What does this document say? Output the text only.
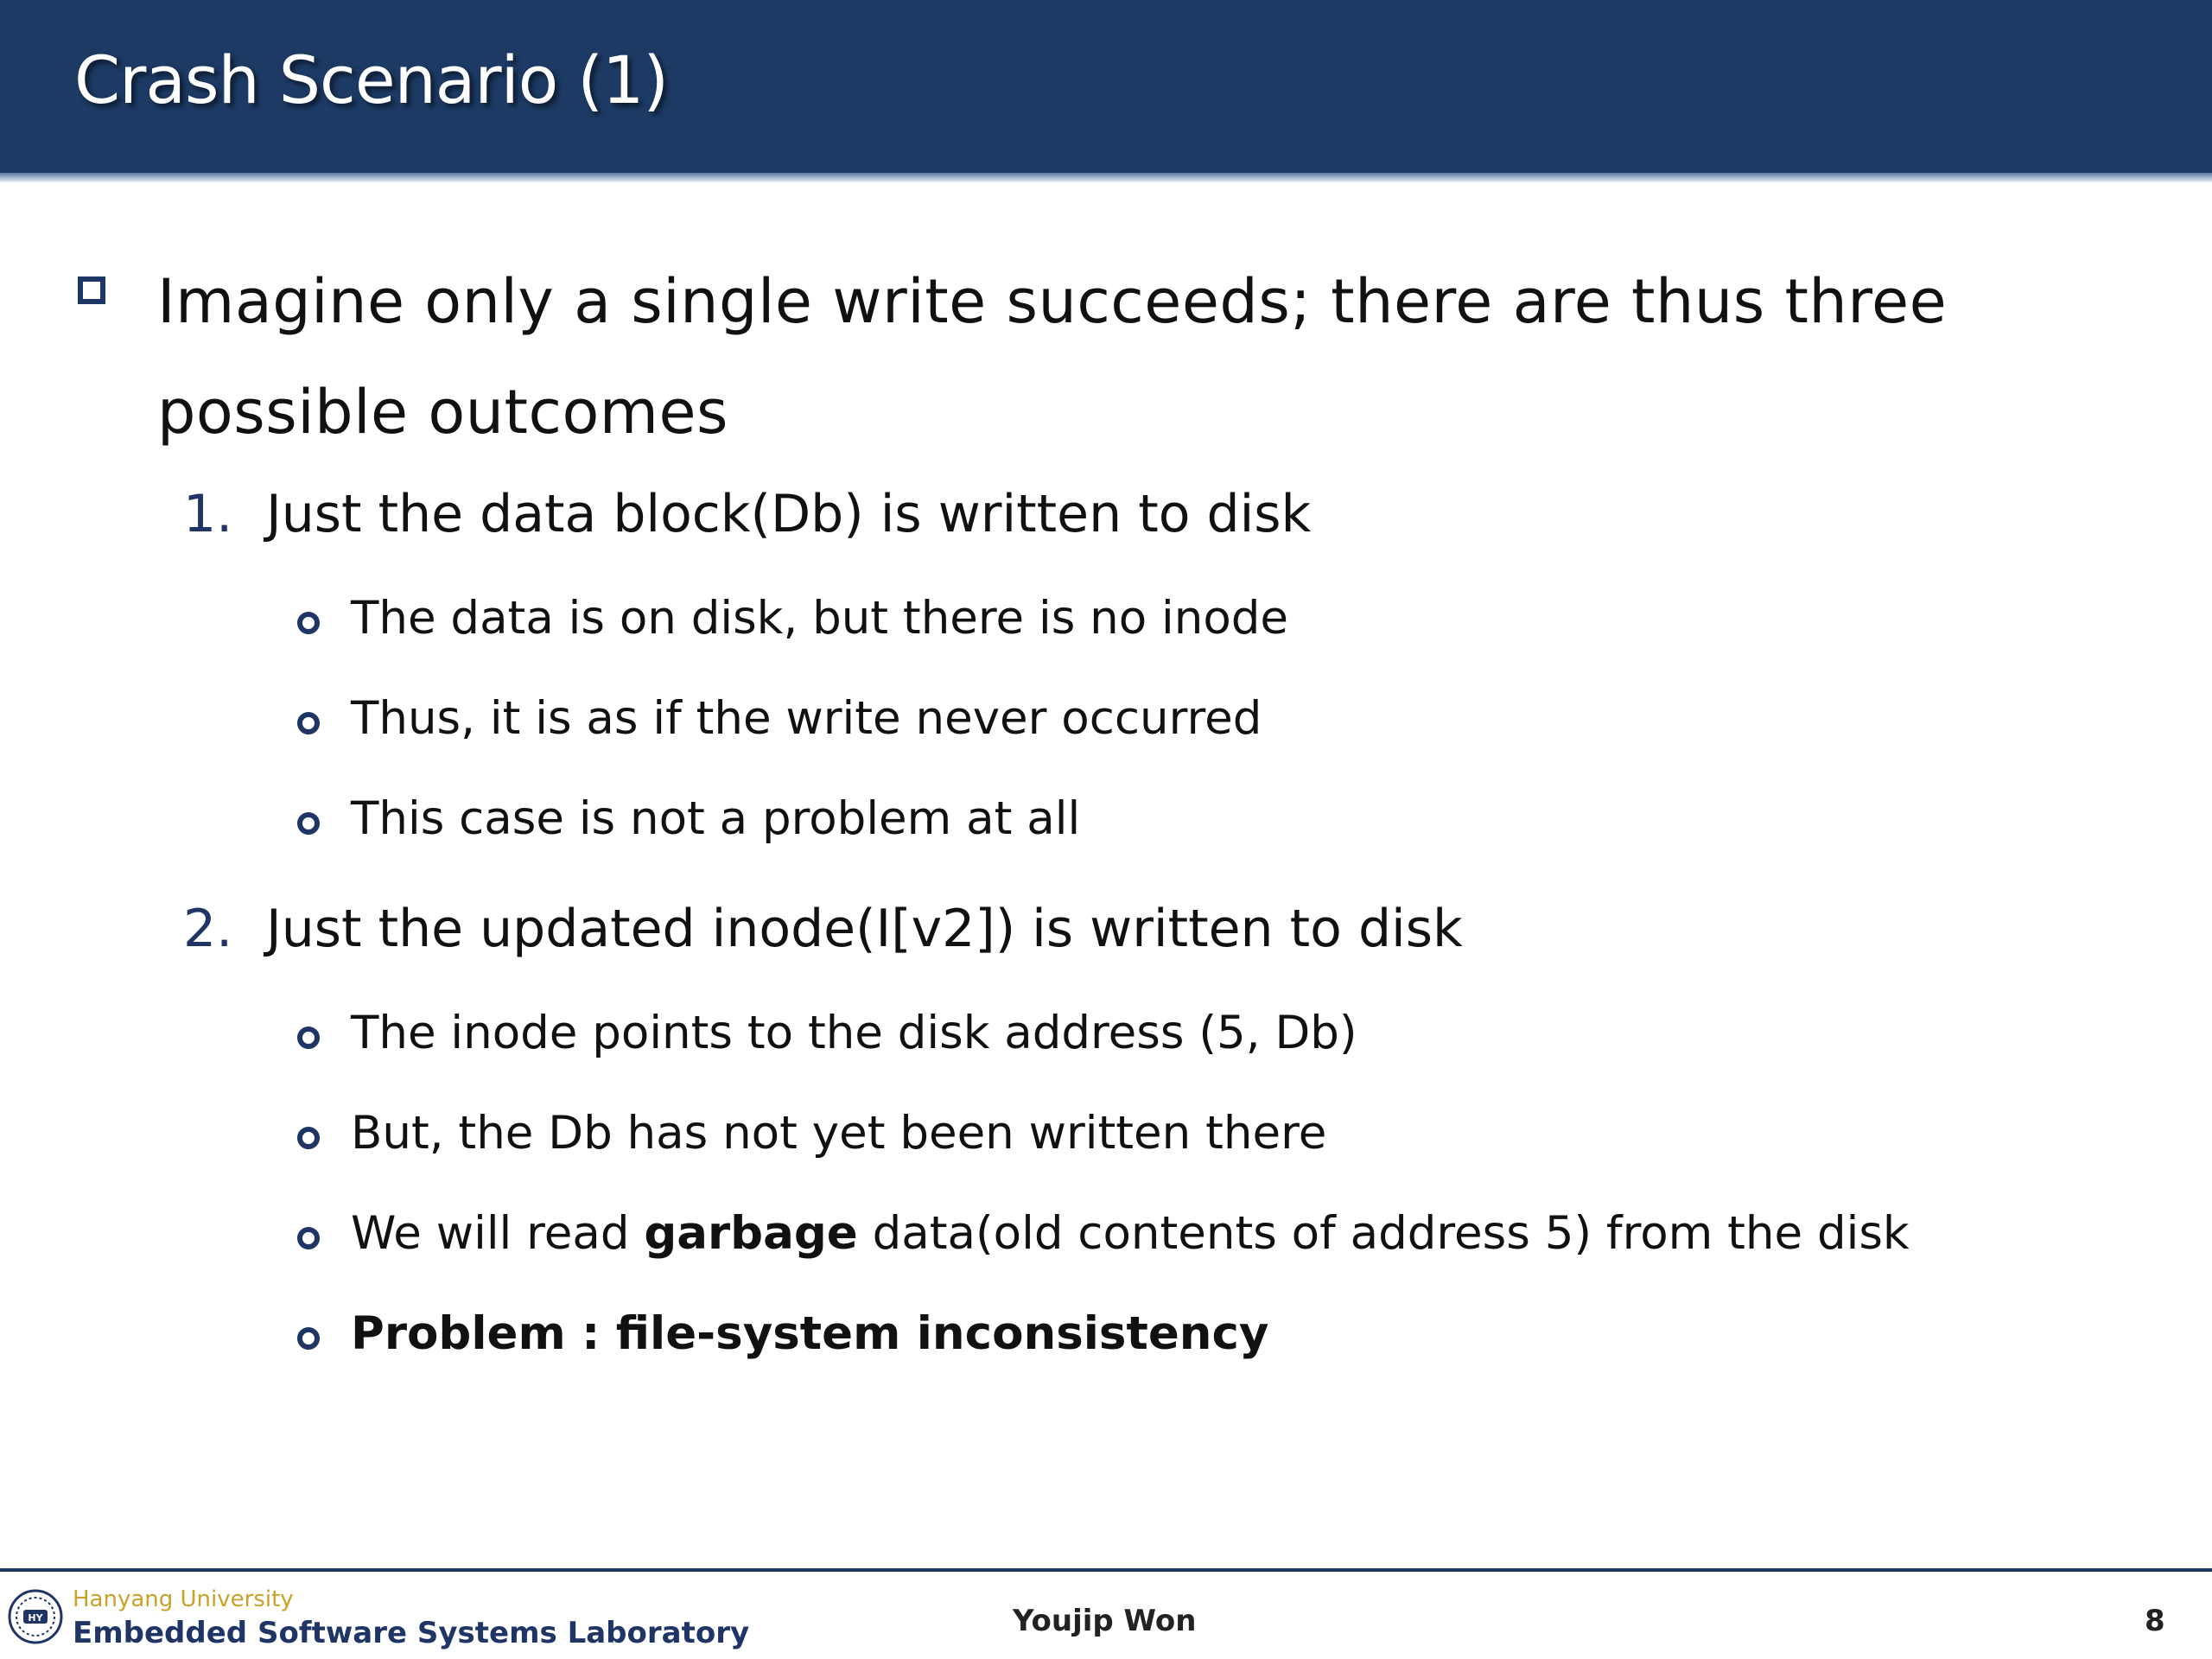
Crash Scenario (1)
Imagine only a single write succeeds; there are thus three possible outcomes
1. Just the data block(Db) is written to disk
The data is on disk, but there is no inode
Thus, it is as if the write never occurred
This case is not a problem at all
2. Just the updated inode(I[v2]) is written to disk
The inode points to the disk address (5, Db)
But, the Db has not yet been written there
We will read garbage data(old contents of address 5) from the disk
Problem : file-system inconsistency
HY
Hanyang University
Embedded Software Systems Laboratory	Youjip Won	8
